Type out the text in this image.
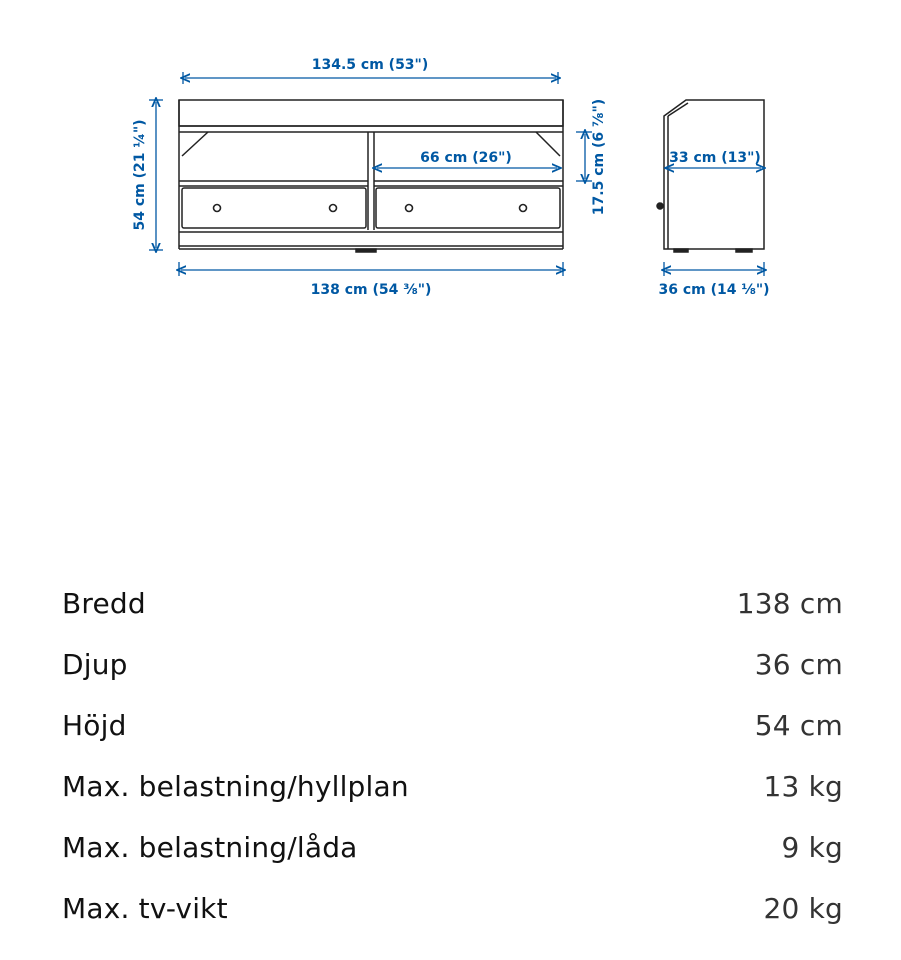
134.5 cm (53")
138 cm (54 ⅜")
54 cm (21 ¼")	66 cm (26")	17.5 cm (6 ⅞")	33 cm (13")
36 cm (14 ⅛")
Bredd	138 cm
Djup	36 cm
Höjd	54 cm
Max. belastning/hyllplan	13 kg
Max. belastning/låda	9 kg
Max. tv-vikt	20 kg
